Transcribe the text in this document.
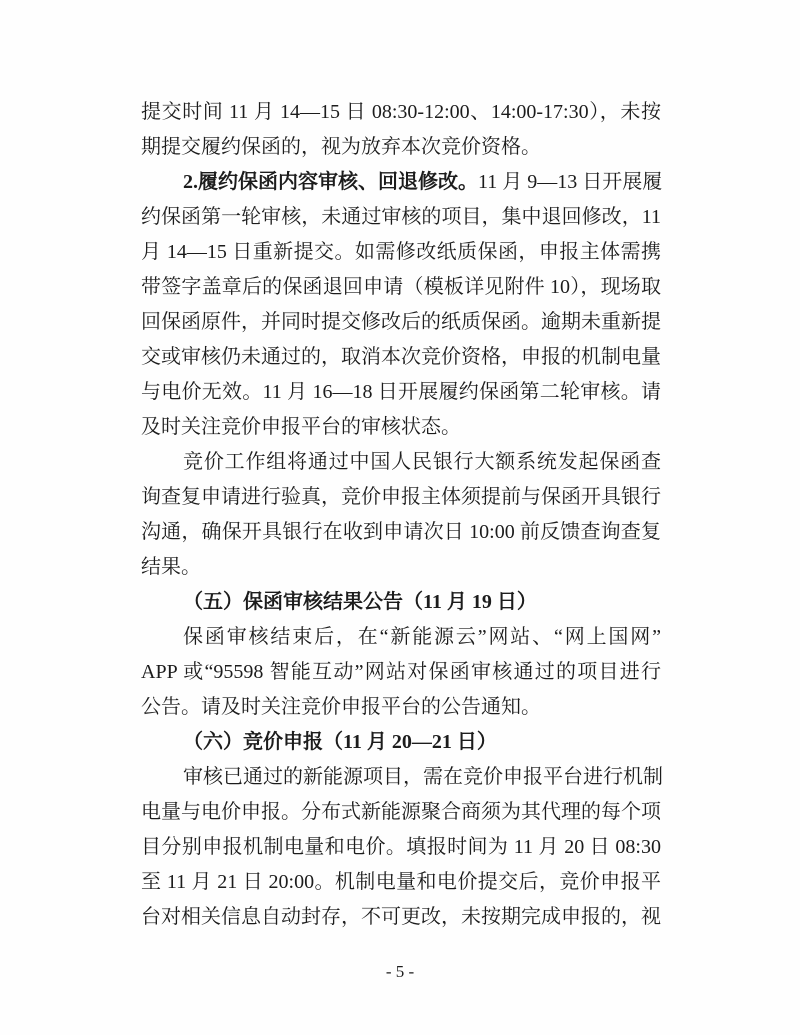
提交时间 11 月 14—15 日 08:30-12:00、14:00-17:30），未按
期提交履约保函的，视为放弃本次竞价资格。
2.履约保函内容审核、回退修改。11 月 9—13 日开展履
约保函第一轮审核，未通过审核的项目，集中退回修改，11
月 14—15 日重新提交。如需修改纸质保函，申报主体需携
带签字盖章后的保函退回申请（模板详见附件 10），现场取
回保函原件，并同时提交修改后的纸质保函。逾期未重新提
交或审核仍未通过的，取消本次竞价资格，申报的机制电量
与电价无效。11 月 16—18 日开展履约保函第二轮审核。请
及时关注竞价申报平台的审核状态。
竞价工作组将通过中国人民银行大额系统发起保函查
询查复申请进行验真，竞价申报主体须提前与保函开具银行
沟通，确保开具银行在收到申请次日 10:00 前反馈查询查复
结果。
（五）保函审核结果公告（11 月 19 日）
保函审核结束后，在“新能源云”网站、“网上国网”
APP 或“95598 智能互动”网站对保函审核通过的项目进行
公告。请及时关注竞价申报平台的公告通知。
（六）竞价申报（11 月 20—21 日）
审核已通过的新能源项目，需在竞价申报平台进行机制
电量与电价申报。分布式新能源聚合商须为其代理的每个项
目分别申报机制电量和电价。填报时间为 11 月 20 日 08:30
至 11 月 21 日 20:00。机制电量和电价提交后，竞价申报平
台对相关信息自动封存，不可更改，未按期完成申报的，视
- 5 -
